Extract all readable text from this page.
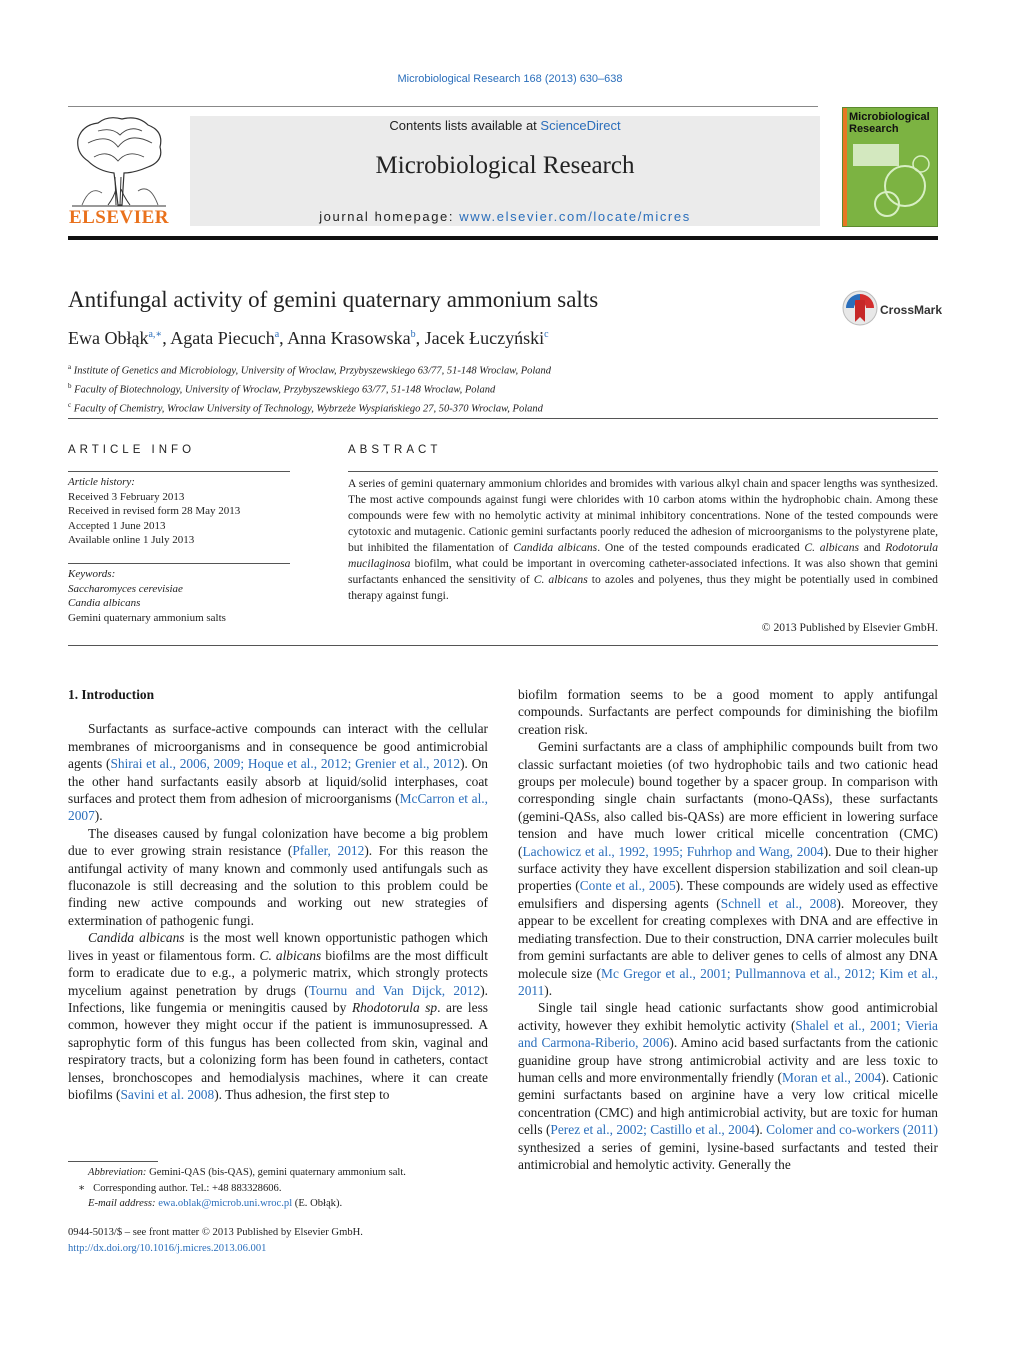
Microbiological Research 168 (2013) 630–638
ELSEVIER
Contents lists available at ScienceDirect
Microbiological Research
journal homepage: www.elsevier.com/locate/micres
Microbiological
Research
Antifungal activity of gemini quaternary ammonium salts	CrossMark
Ewa Obłąk$^{a,∗}$, Agata Piecuch$^a$, Anna Krasowska$^b$, Jacek Łuczyński$^c$
$^a$ Institute of Genetics and Microbiology, University of Wroclaw, Przybyszewskiego 63/77, 51-148 Wroclaw, Poland
$^b$ Faculty of Biotechnology, University of Wroclaw, Przybyszewskiego 63/77, 51-148 Wroclaw, Poland
$^c$ Faculty of Chemistry, Wroclaw University of Technology, Wybrzeże Wyspiańskiego 27, 50-370 Wroclaw, Poland
ARTICLE INFO
Article history:
Received 3 February 2013
Received in revised form 28 May 2013
Accepted 1 June 2013
Available online 1 July 2013
Keywords:
Saccharomyces cerevisiae
Candia albicans
Gemini quaternary ammonium salts
ABSTRACT
A series of gemini quaternary ammonium chlorides and bromides with various alkyl chain and spacer lengths was synthesized. The most active compounds against fungi were chlorides with 10 carbon atoms within the hydrophobic chain. Among these compounds were few with no hemolytic activity at minimal inhibitory concentrations. None of the tested compounds were cytotoxic and mutagenic. Cationic gemini surfactants poorly reduced the adhesion of microorganisms to the polystyrene plate, but inhibited the filamentation of Candida albicans. One of the tested compounds eradicated C. albicans and Rodotorula mucilaginosa biofilm, what could be important in overcoming catheter-associated infections. It was also shown that gemini surfactants enhanced the sensitivity of C. albicans to azoles and polyenes, thus they might be potentially used in combined therapy against fungi.
© 2013 Published by Elsevier GmbH.
1. Introduction

Surfactants as surface-active compounds can interact with the cellular membranes of microorganisms and in consequence be good antimicrobial agents (Shirai et al., 2006, 2009; Hoque et al., 2012; Grenier et al., 2012). On the other hand surfactants easily absorb at liquid/solid interphases, coat surfaces and protect them from adhesion of microorganisms (McCarron et al., 2007).

The diseases caused by fungal colonization have become a big problem due to ever growing strain resistance (Pfaller, 2012). For this reason the antifungal activity of many known and commonly used antifungals such as fluconazole is still decreasing and the solution to this problem could be finding new active compounds and working out new strategies of extermination of pathogenic fungi.

Candida albicans is the most well known opportunistic pathogen which lives in yeast or filamentous form. C. albicans biofilms are the most difficult form to eradicate due to e.g., a polymeric matrix, which strongly protects mycelium against penetration by drugs (Tournu and Van Dijck, 2012). Infections, like fungemia or meningitis caused by Rhodotorula sp. are less common, however they might occur if the patient is immunosupressed. A saprophytic form of this fungus has been collected from skin, vaginal and respiratory tracts, but a colonizing form has been found in catheters, contact lenses, bronchoscopes and hemodialysis machines, where it can create biofilms (Savini et al. 2008). Thus adhesion, the first step to

biofilm formation seems to be a good moment to apply antifungal compounds. Surfactants are perfect compounds for diminishing the biofilm creation risk.

Gemini surfactants are a class of amphiphilic compounds built from two classic surfactant moieties (of two hydrophobic tails and two cationic head groups per molecule) bound together by a spacer group. In comparison with corresponding single chain surfactants (mono-QASs), these surfactants (gemini-QASs, also called bis-QASs) are more efficient in lowering surface tension and have much lower critical micelle concentration (CMC) (Lachowicz et al., 1992, 1995; Fuhrhop and Wang, 2004). Due to their higher surface activity they have excellent dispersion stabilization and soil clean-up properties (Conte et al., 2005). These compounds are widely used as effective emulsifiers and dispersing agents (Schnell et al., 2008). Moreover, they appear to be excellent for creating complexes with DNA and are effective in mediating transfection. Due to their construction, DNA carrier molecules built from gemini surfactants are able to deliver genes to cells of almost any DNA molecule size (Mc Gregor et al., 2001; Pullmannova et al., 2012; Kim et al., 2011).

Single tail single head cationic surfactants show good antimicrobial activity, however they exhibit hemolytic activity (Shalel et al., 2001; Vieria and Carmona-Riberio, 2006). Amino acid based surfactants from the cationic guanidine group have strong antimicrobial activity and are less toxic to human cells and more environmentally friendly (Moran et al., 2004). Cationic gemini surfactants based on arginine have a very low critical micelle concentration (CMC) and high antimicrobial activity, but are toxic for human cells (Perez et al., 2002; Castillo et al., 2004). Colomer and co-workers (2011) synthesized a series of gemini, lysine-based surfactants and tested their antimicrobial and hemolytic activity. Generally the

Abbreviation: Gemini-QAS (bis-QAS), gemini quaternary ammonium salt.
∗   Corresponding author. Tel.: +48 883328606.
E-mail address: ewa.oblak@microb.uni.wroc.pl (E. Obłąk).
0944-5013/$ – see front matter © 2013 Published by Elsevier GmbH.
http://dx.doi.org/10.1016/j.micres.2013.06.001
